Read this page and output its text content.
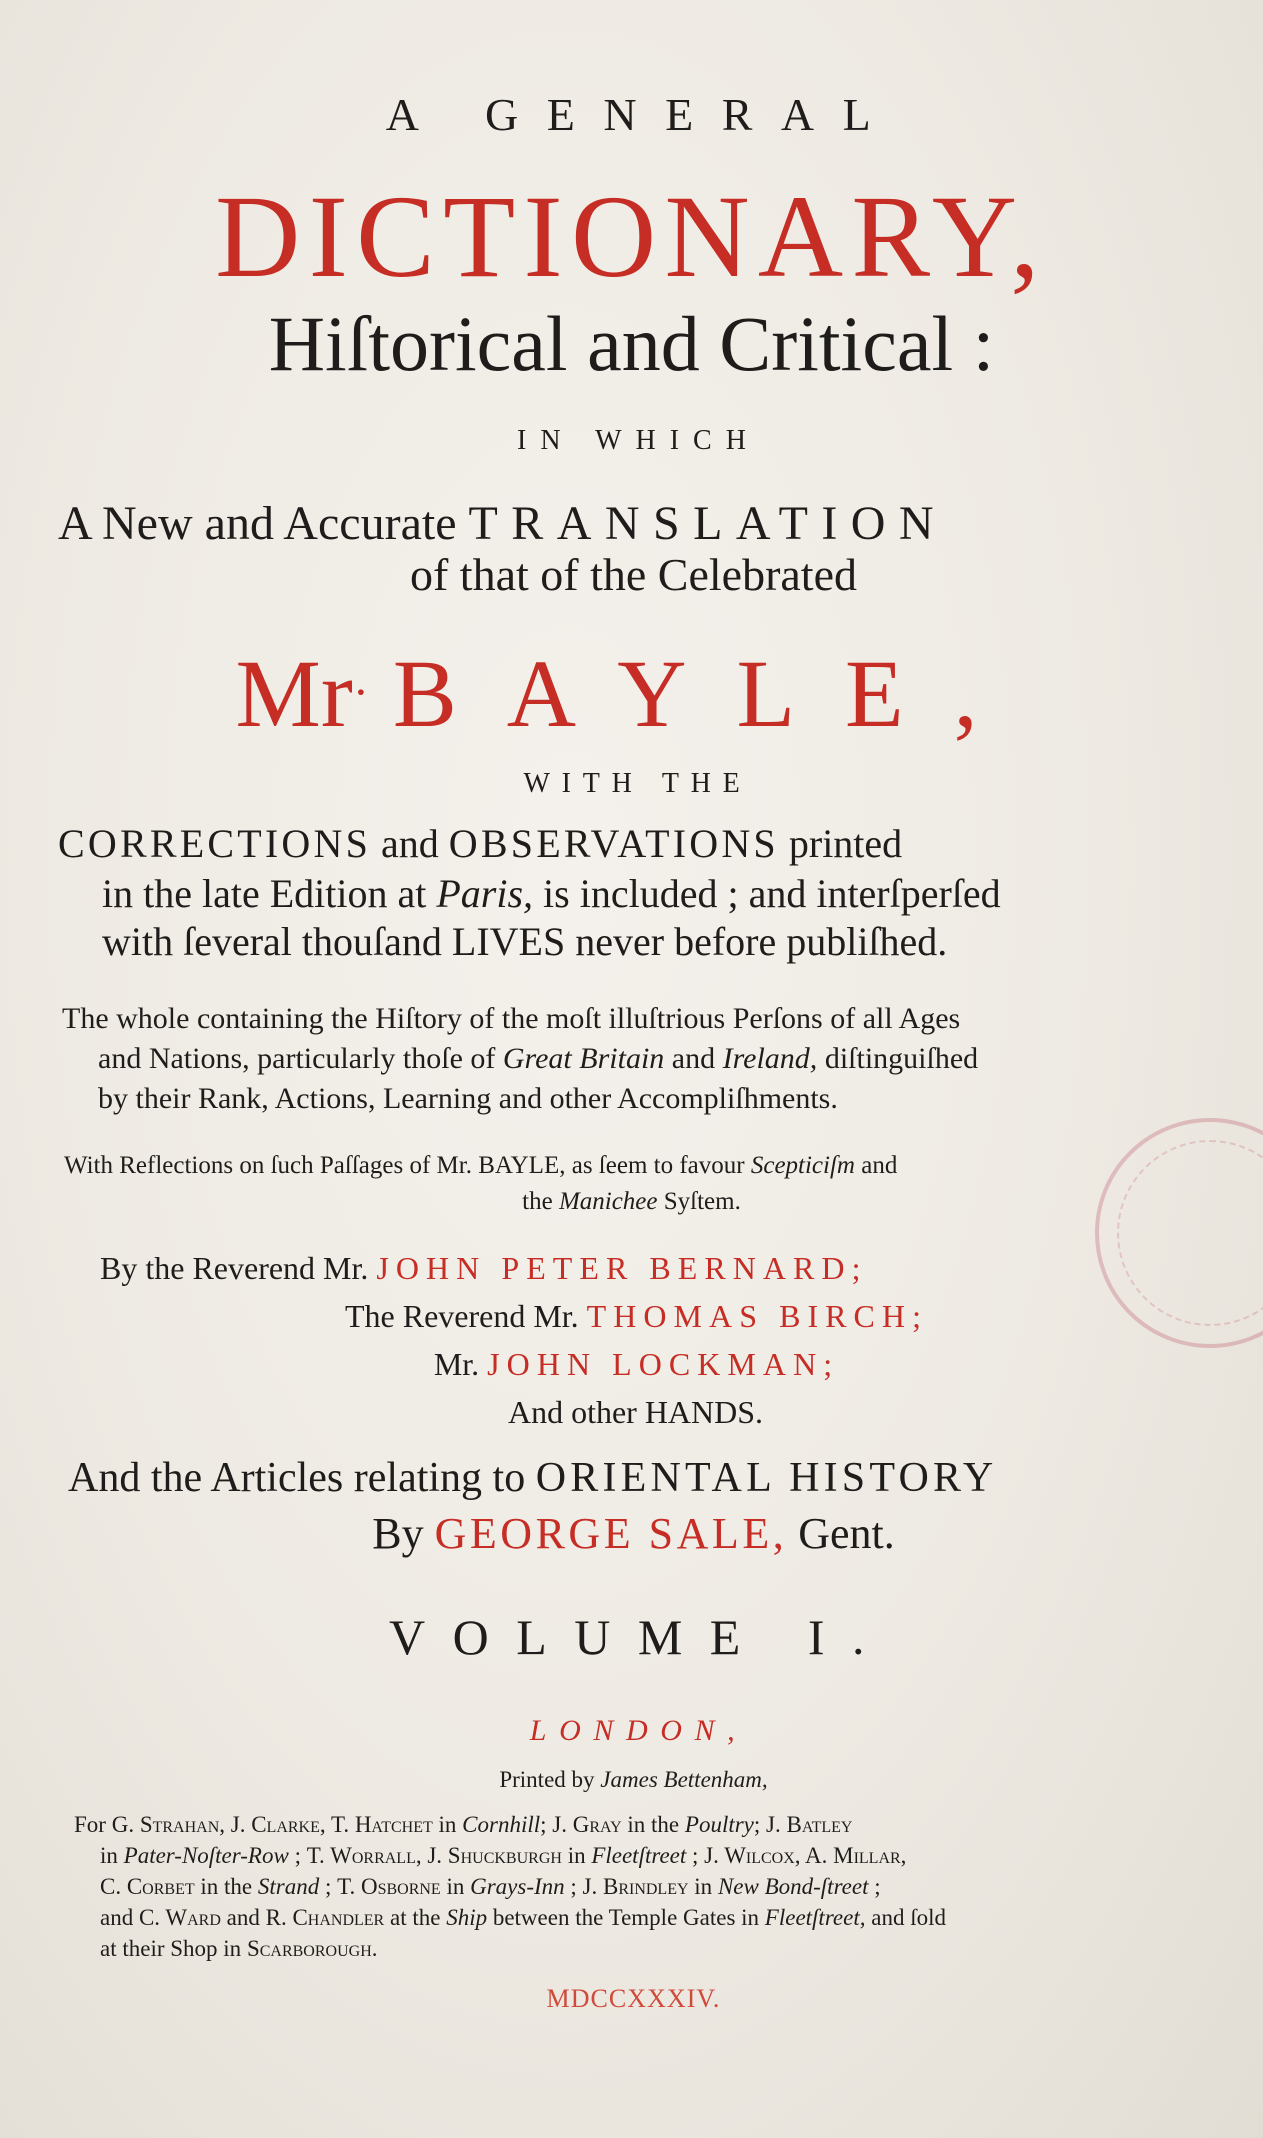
A GENERAL
DICTIONARY,
Hiſtorical and Critical :
IN WHICH
A New and Accurate TRANSLATION
of that of the Celebrated
Mr· BAYLE,
WITH THE
CORRECTIONS and OBSERVATIONS printed
in the late Edition at Paris, is included ; and interſperſed
with ſeveral thouſand LIVES never before publiſhed.
The whole containing the Hiſtory of the moſt illuſtrious Perſons of all Ages
and Nations, particularly thoſe of Great Britain and Ireland, diſtinguiſhed
by their Rank, Actions, Learning and other Accompliſhments.
With Reflections on ſuch Paſſages of Mr. BAYLE, as ſeem to favour Scepticiſm and
the Manichee Syſtem.
By the Reverend Mr. JOHN PETER BERNARD;
The Reverend Mr. THOMAS BIRCH;
Mr. JOHN LOCKMAN;
And other HANDS.
And the Articles relating to ORIENTAL HISTORY
By GEORGE SALE, Gent.
VOLUME I.
LONDON,
Printed by James Bettenham,
For G. Strahan, J. Clarke, T. Hatchet in Cornhill; J. Gray in the Poultry; J. Batley
in Pater-Noſter-Row ; T. Worrall, J. Shuckburgh in Fleetſtreet ; J. Wilcox, A. Millar,
C. Corbet in the Strand ; T. Osborne in Grays-Inn ; J. Brindley in New Bond-ſtreet ;
and C. Ward and R. Chandler at the Ship between the Temple Gates in Fleetſtreet, and ſold
at their Shop in Scarborough.
MDCCXXXIV.
